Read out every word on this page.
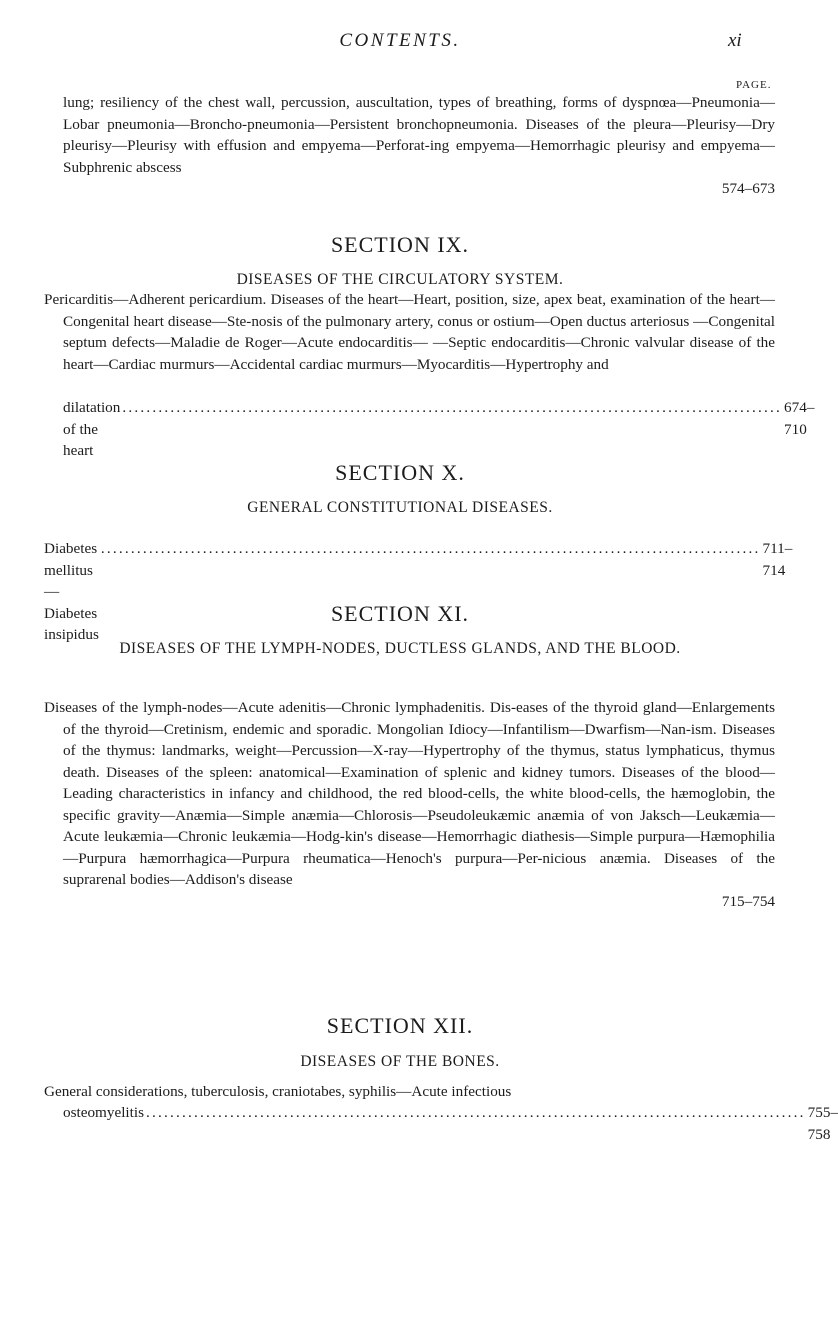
CONTENTS.	xi
PAGE.
lung; resiliency of the chest wall, percussion, auscultation, types of breathing, forms of dyspnœa—Pneumonia—Lobar pneumonia—Broncho-pneumonia—Persistent bronchopneumonia. Diseases of the pleura—Pleurisy—Dry pleurisy—Pleurisy with effusion and empyema—Perforat-ing empyema—Hemorrhagic pleurisy and empyema—Subphrenic abscess
574–673
SECTION IX.
DISEASES OF THE CIRCULATORY SYSTEM.
Pericarditis—Adherent pericardium. Diseases of the heart—Heart, position, size, apex beat, examination of the heart—Congenital heart disease—Ste-nosis of the pulmonary artery, conus or ostium—Open ductus arteriosus —Congenital septum defects—Maladie de Roger—Acute endocarditis— —Septic endocarditis—Chronic valvular disease of the heart—Cardiac murmurs—Accidental cardiac murmurs—Myocarditis—Hypertrophy and
dilatation of the heart
.............................................................................................................. 674–710
SECTION X.
GENERAL CONSTITUTIONAL DISEASES.
Diabetes mellitus—Diabetes insipidus
.............................................................................................................. 711–714
SECTION XI.
DISEASES OF THE LYMPH-NODES, DUCTLESS GLANDS, AND THE BLOOD.
Diseases of the lymph-nodes—Acute adenitis—Chronic lymphadenitis. Dis-eases of the thyroid gland—Enlargements of the thyroid—Cretinism, endemic and sporadic. Mongolian Idiocy—Infantilism—Dwarfism—Nan-ism. Diseases of the thymus: landmarks, weight—Percussion—X-ray—Hypertrophy of the thymus, status lymphaticus, thymus death. Diseases of the spleen: anatomical—Examination of splenic and kidney tumors. Diseases of the blood—Leading characteristics in infancy and childhood, the red blood-cells, the white blood-cells, the hæmoglobin, the specific gravity—Anæmia—Simple anæmia—Chlorosis—Pseudoleukæmic anæmia of von Jaksch—Leukæmia—Acute leukæmia—Chronic leukæmia—Hodg-kin's disease—Hemorrhagic diathesis—Simple purpura—Hæmophilia—Purpura hæmorrhagica—Purpura rheumatica—Henoch's purpura—Per-nicious anæmia. Diseases of the suprarenal bodies—Addison's disease
715–754
SECTION XII.
DISEASES OF THE BONES.
General considerations, tuberculosis, craniotabes, syphilis—Acute infectious
osteomyelitis .............................................................................................................. 755–758
